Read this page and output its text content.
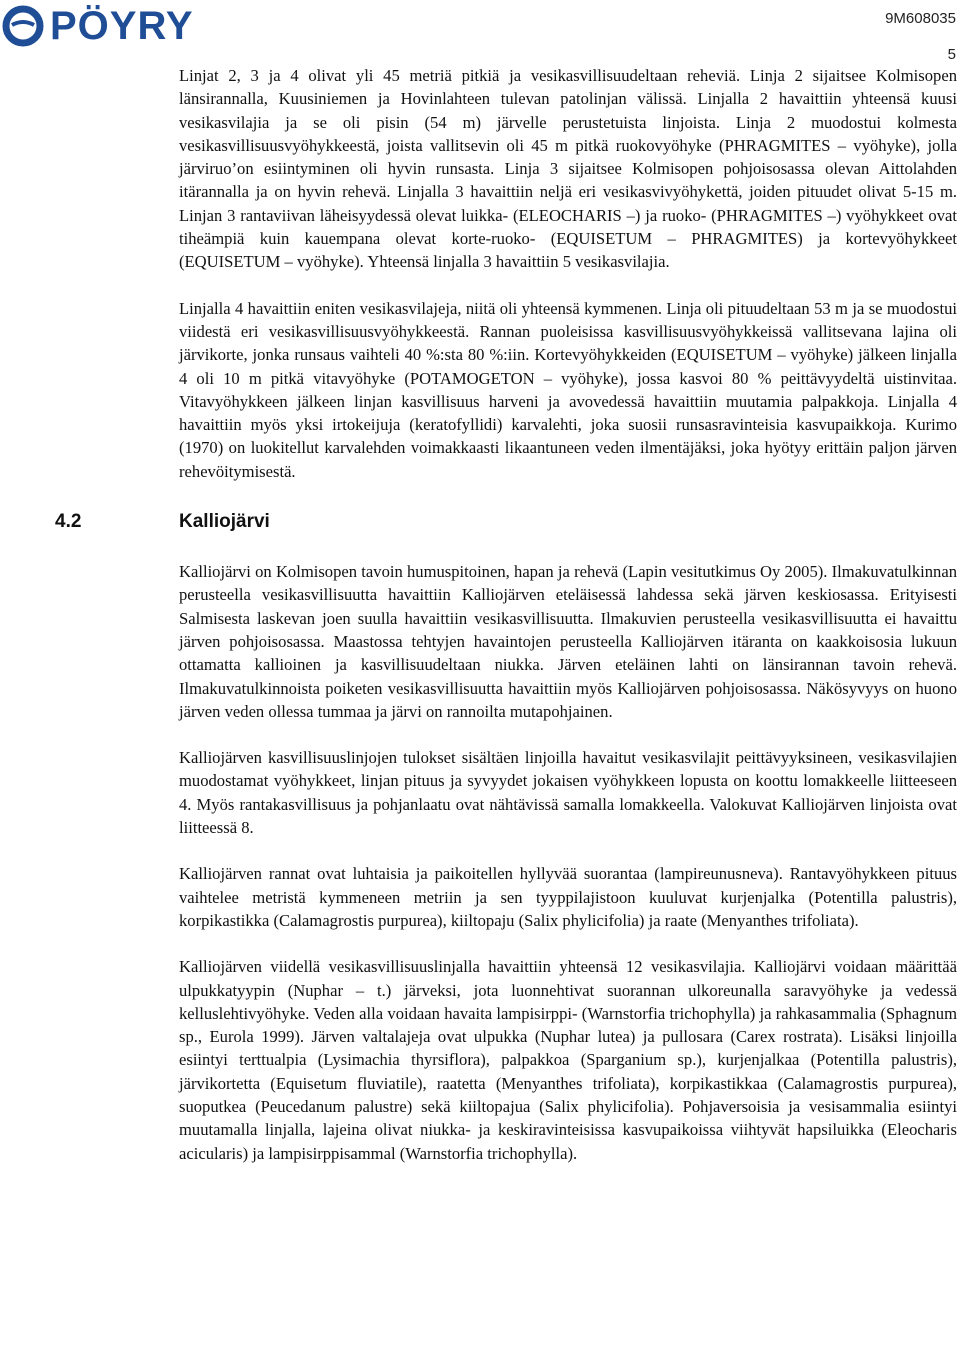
PÖYRY	9M608035
5

Linjat 2, 3 ja 4 olivat yli 45 metriä pitkiä ja vesikasvillisuudeltaan reheviä. Linja 2 sijaitsee Kolmisopen länsirannalla, Kuusiniemen ja Hovinlahteen tulevan patolinjan välissä. Linjalla 2 havaittiin yhteensä kuusi vesikasvilajia ja se oli pisin (54 m) järvelle perustetuista linjoista. Linja 2 muodostui kolmesta vesikasvillisuusvyöhykkeestä, joista vallitsevin oli 45 m pitkä ruokovyöhyke (PHRAGMITES – vyöhyke), jolla järviruo’on esiintyminen oli hyvin runsasta. Linja 3 sijaitsee Kolmisopen pohjoisosassa olevan Aittolahden itärannalla ja on hyvin rehevä. Linjalla 3 havaittiin neljä eri vesikasvivyöhykettä, joiden pituudet olivat 5-15 m. Linjan 3 rantaviivan läheisyydessä olevat luikka- (ELEOCHARIS –) ja ruoko- (PHRAGMITES –) vyöhykkeet ovat tiheämpiä kuin kauempana olevat korte-ruoko- (EQUISETUM – PHRAGMITES) ja kortevyöhykkeet (EQUISETUM – vyöhyke). Yhteensä linjalla 3 havaittiin 5 vesikasvilajia.

Linjalla 4 havaittiin eniten vesikasvilajeja, niitä oli yhteensä kymmenen. Linja oli pituudeltaan 53 m ja se muodostui viidestä eri vesikasvillisuusvyöhykkeestä. Rannan puoleisissa kasvillisuusvyöhykkeissä vallitsevana lajina oli järvikorte, jonka runsaus vaihteli 40 %:sta 80 %:iin. Kortevyöhykkeiden (EQUISETUM – vyöhyke) jälkeen linjalla 4 oli 10 m pitkä vitavyöhyke (POTAMOGETON – vyöhyke), jossa kasvoi 80 % peittävyydeltä uistinvitaa. Vitavyöhykkeen jälkeen linjan kasvillisuus harveni ja avovedessä havaittiin muutamia palpakkoja. Linjalla 4 havaittiin myös yksi irtokeijuja (keratofyllidi) karvalehti, joka suosii runsasravinteisia kasvupaikkoja. Kurimo (1970) on luokitellut karvalehden voimakkaasti likaantuneen veden ilmentäjäksi, joka hyötyy erittäin paljon järven rehevöitymisestä.

4.2	Kalliojärvi

Kalliojärvi on Kolmisopen tavoin humuspitoinen, hapan ja rehevä (Lapin vesitutkimus Oy 2005). Ilmakuvatulkinnan perusteella vesikasvillisuutta havaittiin Kalliojärven eteläisessä lahdessa sekä järven keskiosassa. Erityisesti Salmisesta laskevan joen suulla havaittiin vesikasvillisuutta. Ilmakuvien perusteella vesikasvillisuutta ei havaittu järven pohjoisosassa. Maastossa tehtyjen havaintojen perusteella Kalliojärven itäranta on kaakkoisosia lukuun ottamatta kallioinen ja kasvillisuudeltaan niukka. Järven eteläinen lahti on länsirannan tavoin rehevä. Ilmakuvatulkinnoista poiketen vesikasvillisuutta havaittiin myös Kalliojärven pohjoisosassa. Näkösyvyys on huono järven veden ollessa tummaa ja järvi on rannoilta mutapohjainen.

Kalliojärven kasvillisuuslinjojen tulokset sisältäen linjoilla havaitut vesikasvilajit peittävyyksineen, vesikasvilajien muodostamat vyöhykkeet, linjan pituus ja syvyydet jokaisen vyöhykkeen lopusta on koottu lomakkeelle liitteeseen 4. Myös rantakasvillisuus ja pohjanlaatu ovat nähtävissä samalla lomakkeella. Valokuvat Kalliojärven linjoista ovat liitteessä 8.

Kalliojärven rannat ovat luhtaisia ja paikoitellen hyllyvää suorantaa (lampireunusneva). Rantavyöhykkeen pituus vaihtelee metristä kymmeneen metriin ja sen tyyppilajistoon kuuluvat kurjenjalka (Potentilla palustris), korpikastikka (Calamagrostis purpurea), kiiltopaju (Salix phylicifolia) ja raate (Menyanthes trifoliata).

Kalliojärven viidellä vesikasvillisuuslinjalla havaittiin yhteensä 12 vesikasvilajia. Kalliojärvi voidaan määrittää ulpukkatyypin (Nuphar – t.) järveksi, jota luonnehtivat suorannan ulkoreunalla saravyöhyke ja vedessä kelluslehtivyöhyke. Veden alla voidaan havaita lampisirppi- (Warnstorfia trichophylla) ja rahkasammalia (Sphagnum sp., Eurola 1999). Järven valtalajeja ovat ulpukka (Nuphar lutea) ja pullosara (Carex rostrata). Lisäksi linjoilla esiintyi terttualpia (Lysimachia thyrsiflora), palpakkoa (Sparganium sp.), kurjenjalkaa (Potentilla palustris), järvikortetta (Equisetum fluviatile), raatetta (Menyanthes trifoliata), korpikastikkaa (Calamagrostis purpurea), suoputkea (Peucedanum palustre) sekä kiiltopajua (Salix phylicifolia). Pohjaversoisia ja vesisammalia esiintyi muutamalla linjalla, lajeina olivat niukka- ja keskiravinteisissa kasvupaikoissa viihtyvät hapsiluikka (Eleocharis acicularis) ja lampisirppisammal (Warnstorfia trichophylla).
